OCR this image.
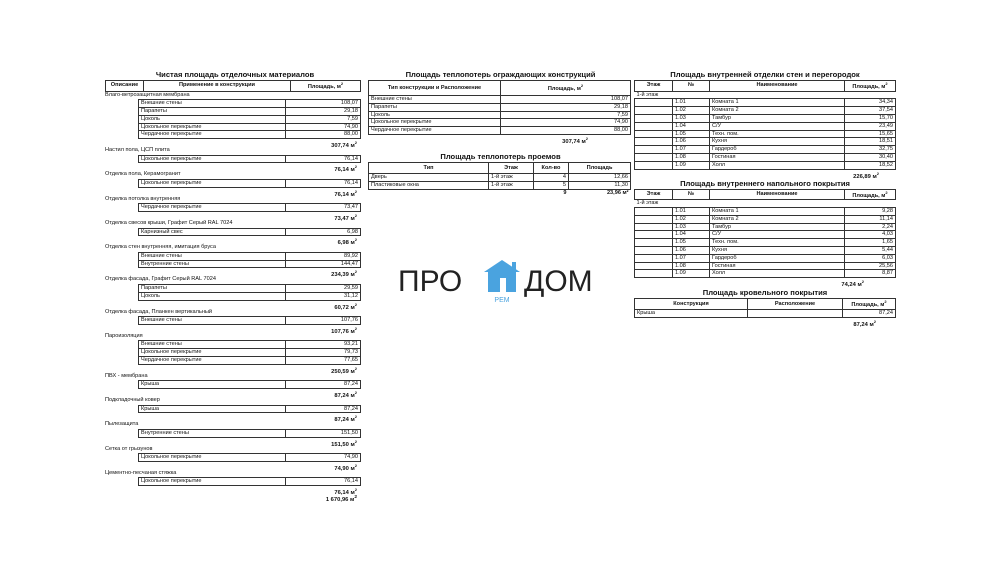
Чистая площадь отделочных материалов
Описание	Применение в конструкции	Площадь, $м^2$
Влаго-ветрозащитная мембрана
Внешние стены	108,07
Парапеты	29,18
Цоколь	7,59
Цокольное перекрытие	74,90
Чердачное перекрытие	88,00
307,74 $м^2$
Настил пола, ЦСП плита
Цокольное перекрытие	76,14
76,14 $м^2$
Отделка пола, Керамогранит
Цокольное перекрытие	76,14
76,14 $м^2$
Отделка потолка внутренняя
Чердачное перекрытие	73,47
73,47 $м^2$
Отделка свесов крыши, Графит Серый RAL 7024
Карнизный свес	6,98
6,98 $м^2$
Отделка стен внутренняя, имитация бруса
Внешние стены	89,92
Внутренние стены	144,47
234,39 $м^2$
Отделка фасада, Графит Серый RAL 7024
Парапеты	29,59
Цоколь	31,12
60,72 $м^2$
Отделка фасада, Планкен вертикальный
Внешние стены	107,76
107,76 $м^2$
Пароизоляция
Внешние стены	93,21
Цокольное перекрытие	79,73
Чердачное перекрытие	77,65
250,59 $м^2$
ПВХ - мембрана
Крыша	87,24
87,24 $м^2$
Подкладочный ковер
Крыша	87,24
87,24 $м^2$
Пылезащита
Внутренние стены	151,50
151,50 $м^2$
Сетка от грызунов
Цокольное перекрытие	74,90
74,90 $м^2$
Цементно-песчаная стяжка
Цокольное перекрытие	76,14
76,14 $м^2$
1 670,96 $м^2$
Площадь теплопотерь ограждающих конструкций
Тип конструкции и Расположение	Площадь, $м^2$
Внешние стены	108,07
Парапеты	29,18
Цоколь	7,59
Цокольное перекрытие	74,90
Чердачное перекрытие	88,00
307,74 $м^2$
Площадь теплопотерь проемов
Тип	Этаж	Кол-во	Площадь
Дверь	1-й этаж	4	12,66
Пластиковые окна	1-й этаж	5	11,30
		9	23,96 м²
Площадь внутренней отделки стен и перегородок
Этаж	№	Наименование	Площадь, $м^2$
1-й этаж			
	1.01	Комната 1	34,34
	1.02	Комната 2	37,54
	1.03	Тамбур	15,70
	1.04	С/У	23,49
	1.05	Техн. пом.	15,65
	1.06	Кухня	18,51
	1.07	Гардероб	32,75
	1.08	Гостиная	30,40
	1.09	Холл	18,52
226,89 $м^2$
Площадь внутреннего напольного покрытия
Этаж	№	Наименование	Площадь, $м^2$
1-й этаж			
	1.01	Комната 1	9,28
	1.02	Комната 2	11,14
	1.03	Тамбур	2,24
	1.04	С/У	4,03
	1.05	Техн. пом.	1,65
	1.06	Кухня	5,44
	1.07	Гардероб	6,03
	1.08	Гостиная	25,56
	1.09	Холл	8,87
74,24 $м^2$
Площадь кровельного покрытия
Конструкция	Расположение	Площадь, $м^2$
Крыша		87,24
87,24 $м^2$
ПРО
РЕМ
ДОМ
